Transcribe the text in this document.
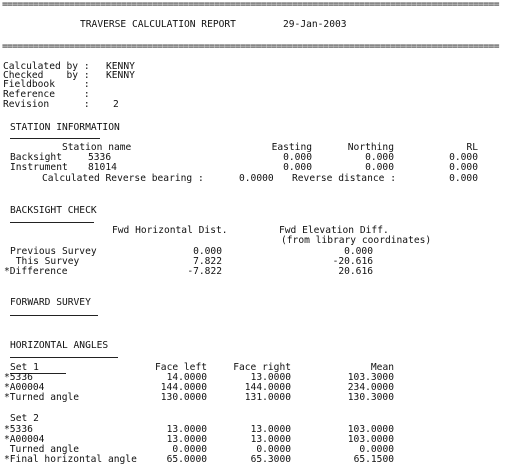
================================================================================================
TRAVERSE CALCULATION REPORT	29-Jan-2003
================================================================================================
Calculated by : KENNY
Checked    by : KENNY
Fieldbook     :
Reference     :
Revision      : 2
STATION INFORMATION
Station name	Easting	Northing	RL
Backsight	5336	0.000	0.000	0.000
Instrument 81014	0.000	0.000	0.000
Calculated Reverse bearing :	0.0000 Reverse distance :	0.000
BACKSIGHT CHECK
Fwd Horizontal Dist.	Fwd Elevation Diff.
(from library coordinates)
Previous Survey	0.000	0.000
This Survey	7.822	-20.616
*Difference	-7.822	20.616
FORWARD SURVEY
HORIZONTAL ANGLES
Set 1	Face left	Face right	Mean
*5336	14.0000	13.0000	103.3000
*A00004	144.0000	144.0000	234.0000
*Turned angle	130.0000	131.0000	130.3000
Set 2
*5336	13.0000	13.0000	103.0000
*A00004	13.0000	13.0000	103.0000
Turned angle	0.0000	0.0000	0.0000
*Final horizontal angle	65.0000	65.3000	65.1500
